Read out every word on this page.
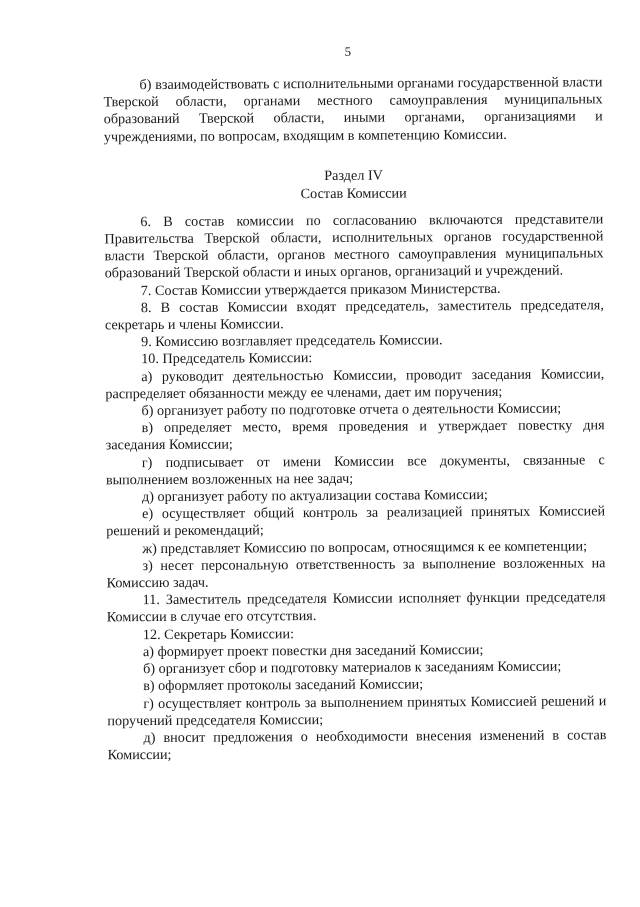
5

б) взаимодействовать с исполнительными органами государственной власти Тверской области, органами местного самоуправления муниципальных образований Тверской области, иными органами, организациями и учреждениями, по вопросам, входящим в компетенцию Комиссии.

Раздел IV
Состав Комиссии

6. В состав комиссии по согласованию включаются представители Правительства Тверской области, исполнительных органов государственной власти Тверской области, органов местного самоуправления муниципальных образований Тверской области и иных органов, организаций и учреждений.

7. Состав Комиссии утверждается приказом Министерства.

8. В состав Комиссии входят председатель, заместитель председателя, секретарь и члены Комиссии.

9. Комиссию возглавляет председатель Комиссии.

10. Председатель Комиссии:

а) руководит деятельностью Комиссии, проводит заседания Комиссии, распределяет обязанности между ее членами, дает им поручения;

б) организует работу по подготовке отчета о деятельности Комиссии;

в) определяет место, время проведения и утверждает повестку дня заседания Комиссии;

г) подписывает от имени Комиссии все документы, связанные с выполнением возложенных на нее задач;

д) организует работу по актуализации состава Комиссии;

е) осуществляет общий контроль за реализацией принятых Комиссией решений и рекомендаций;

ж) представляет Комиссию по вопросам, относящимся к ее компетенции;

з) несет персональную ответственность за выполнение возложенных на Комиссию задач.

11. Заместитель председателя Комиссии исполняет функции председателя Комиссии в случае его отсутствия.

12. Секретарь Комиссии:

а) формирует проект повестки дня заседаний Комиссии;

б) организует сбор и подготовку материалов к заседаниям Комиссии;

в) оформляет протоколы заседаний Комиссии;

г) осуществляет контроль за выполнением принятых Комиссией решений и поручений председателя Комиссии;

д) вносит предложения о необходимости внесения изменений в состав Комиссии;
